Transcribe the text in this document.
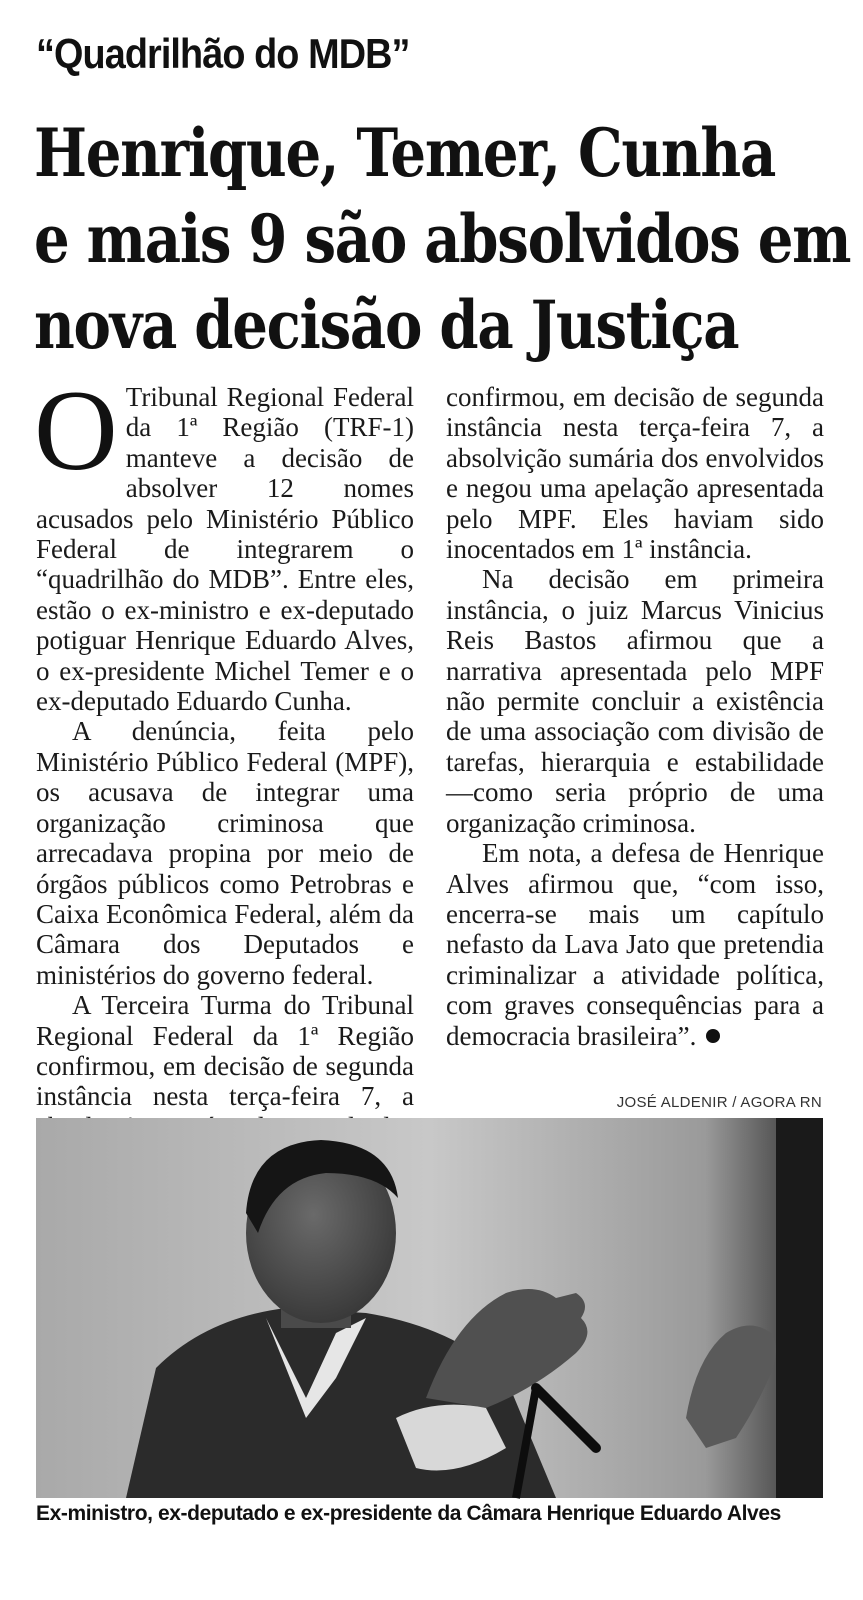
“Quadrilhão do MDB”
Henrique, Temer, Cunha
e mais 9 são absolvidos em
nova decisão da Justiça

O Tribunal Regional Federal da 1ª Região (TRF-1) manteve a decisão de absolver 12 nomes acusados pelo Ministério Público Federal de integrarem o “quadrilhão do MDB”. Entre eles, estão o ex-ministro e ex-deputado potiguar Henrique Eduardo Alves, o ex-presidente Michel Temer e o ex-deputado Eduardo Cunha.

A denúncia, feita pelo Ministério Público Federal (MPF), os acusava de integrar uma organização criminosa que arrecadava propina por meio de órgãos públicos como Petrobras e Caixa Econômica Federal, além da Câmara dos Deputados e ministérios do governo federal.

A Terceira Turma do Tribunal Regional Federal da 1ª Região confirmou, em decisão de segunda instância nesta terça-feira 7, a

confirmou, em decisão de segunda instância nesta terça-feira 7, a absolvição sumária dos envolvidos e negou uma apelação apresentada pelo MPF. Eles haviam sido inocentados em 1ª instância.

Na decisão em primeira instância, o juiz Marcus Vinicius Reis Bastos afirmou que a narrativa apresentada pelo MPF não permite concluir a existência de uma associação com divisão de tarefas, hierarquia e estabilidade —como seria próprio de uma organização criminosa.

Em nota, a defesa de Henrique Alves afirmou que, “com isso, encerra-se mais um capítulo nefasto da Lava Jato que pretendia criminalizar a atividade política, com graves consequências para a democracia brasileira”.

JOSÉ ALDENIR / AGORA RN
Ex-ministro, ex-deputado e ex-presidente da Câmara Henrique Eduardo Alves
